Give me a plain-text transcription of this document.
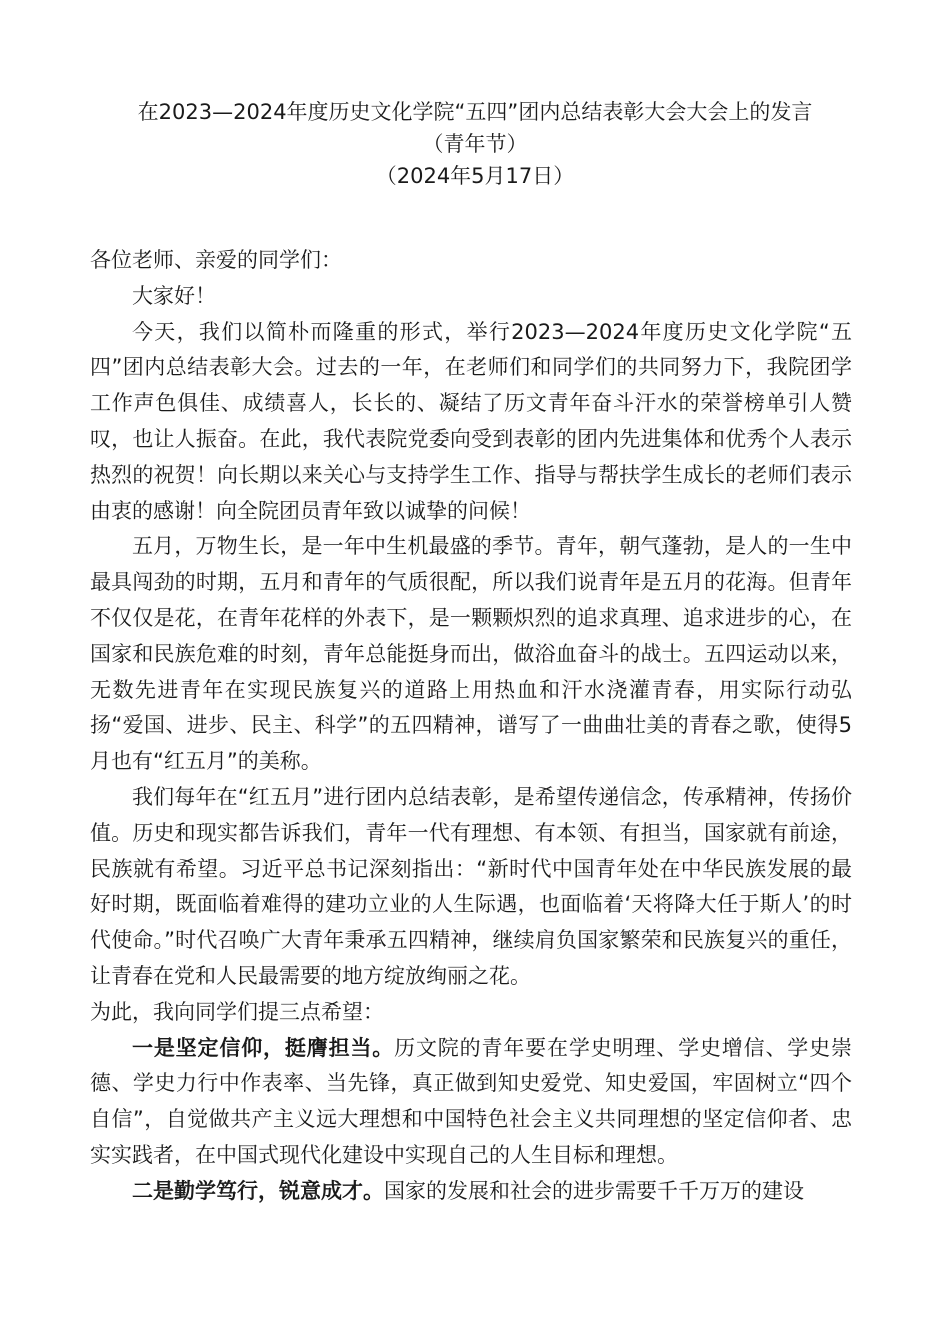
在2023—2024年度历史文化学院“五四”团内总结表彰大会大会上的发言
（青年节）
（2024年5月17日）

各位老师、亲爱的同学们：

大家好！

今天，我们以简朴而隆重的形式，举行2023—2024年度历史文化学院“五四”团内总结表彰大会。过去的一年，在老师们和同学们的共同努力下，我院团学工作声色俱佳、成绩喜人，长长的、凝结了历文青年奋斗汗水的荣誉榜单引人赞叹，也让人振奋。在此，我代表院党委向受到表彰的团内先进集体和优秀个人表示热烈的祝贺！向长期以来关心与支持学生工作、指导与帮扶学生成长的老师们表示由衷的感谢！向全院团员青年致以诚挚的问候！

五月，万物生长，是一年中生机最盛的季节。青年，朝气蓬勃，是人的一生中最具闯劲的时期，五月和青年的气质很配，所以我们说青年是五月的花海。但青年不仅仅是花，在青年花样的外表下，是一颗颗炽烈的追求真理、追求进步的心，在国家和民族危难的时刻，青年总能挺身而出，做浴血奋斗的战士。五四运动以来，无数先进青年在实现民族复兴的道路上用热血和汗水浇灌青春，用实际行动弘扬“爱国、进步、民主、科学”的五四精神，谱写了一曲曲壮美的青春之歌，使得5月也有“红五月”的美称。

我们每年在“红五月”进行团内总结表彰，是希望传递信念，传承精神，传扬价值。历史和现实都告诉我们，青年一代有理想、有本领、有担当，国家就有前途，民族就有希望。习近平总书记深刻指出：“新时代中国青年处在中华民族发展的最好时期，既面临着难得的建功立业的人生际遇，也面临着‘天将降大任于斯人’的时代使命。”时代召唤广大青年秉承五四精神，继续肩负国家繁荣和民族复兴的重任，让青春在党和人民最需要的地方绽放绚丽之花。

为此，我向同学们提三点希望：

一是坚定信仰，挺膺担当。历文院的青年要在学史明理、学史增信、学史崇德、学史力行中作表率、当先锋，真正做到知史爱党、知史爱国，牢固树立“四个自信”，自觉做共产主义远大理想和中国特色社会主义共同理想的坚定信仰者、忠实实践者，在中国式现代化建设中实现自己的人生目标和理想。

二是勤学笃行，锐意成才。国家的发展和社会的进步需要千千万万的建设
